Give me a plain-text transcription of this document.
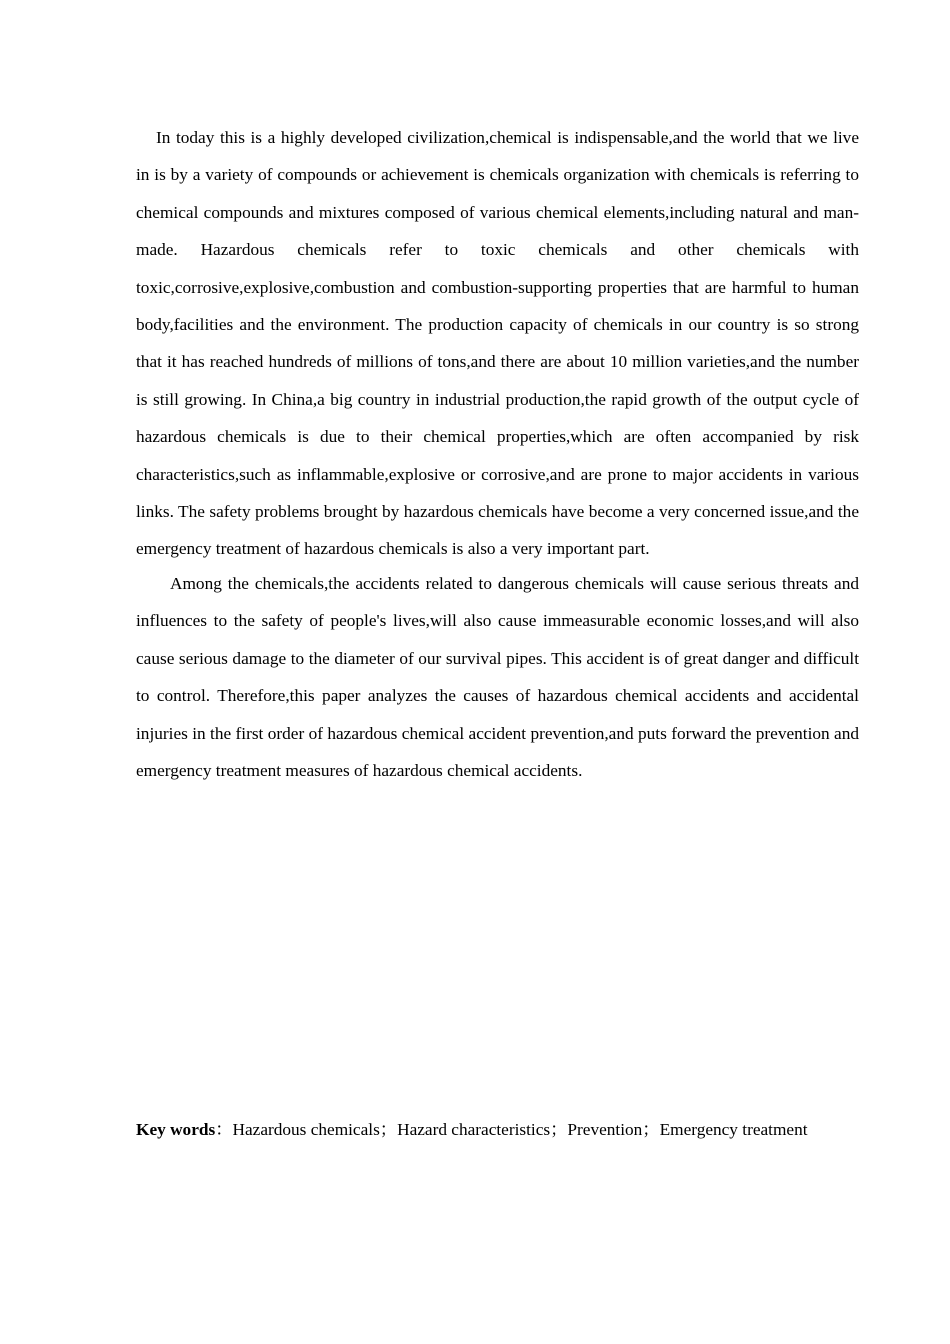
In today this is a highly developed civilization,chemical is indispensable,and the world that we live in is by a variety of compounds or achievement is chemicals organization with chemicals is referring to chemical compounds and mixtures composed of various chemical elements,including natural and man-made. Hazardous chemicals refer to toxic chemicals and other chemicals with toxic,corrosive,explosive,combustion and combustion-supporting properties that are harmful to human body,facilities and the environment. The production capacity of chemicals in our country is so strong that it has reached hundreds of millions of tons,and there are about 10 million varieties,and the number is still growing. In China,a big country in industrial production,the rapid growth of the output cycle of hazardous chemicals is due to their chemical properties,which are often accompanied by risk characteristics,such as inflammable,explosive or corrosive,and are prone to major accidents in various links. The safety problems brought by hazardous chemicals have become a very concerned issue,and the emergency treatment of hazardous chemicals is also a very important part.

Among the chemicals,the accidents related to dangerous chemicals will cause serious threats and influences to the safety of people's lives,will also cause immeasurable economic losses,and will also cause serious damage to the diameter of our survival pipes. This accident is of great danger and difficult to control. Therefore,this paper analyzes the causes of hazardous chemical accidents and accidental injuries in the first order of hazardous chemical accident prevention,and puts forward the prevention and emergency treatment measures of hazardous chemical accidents.

Key words：Hazardous chemicals；Hazard characteristics；Prevention；Emergency treatment
